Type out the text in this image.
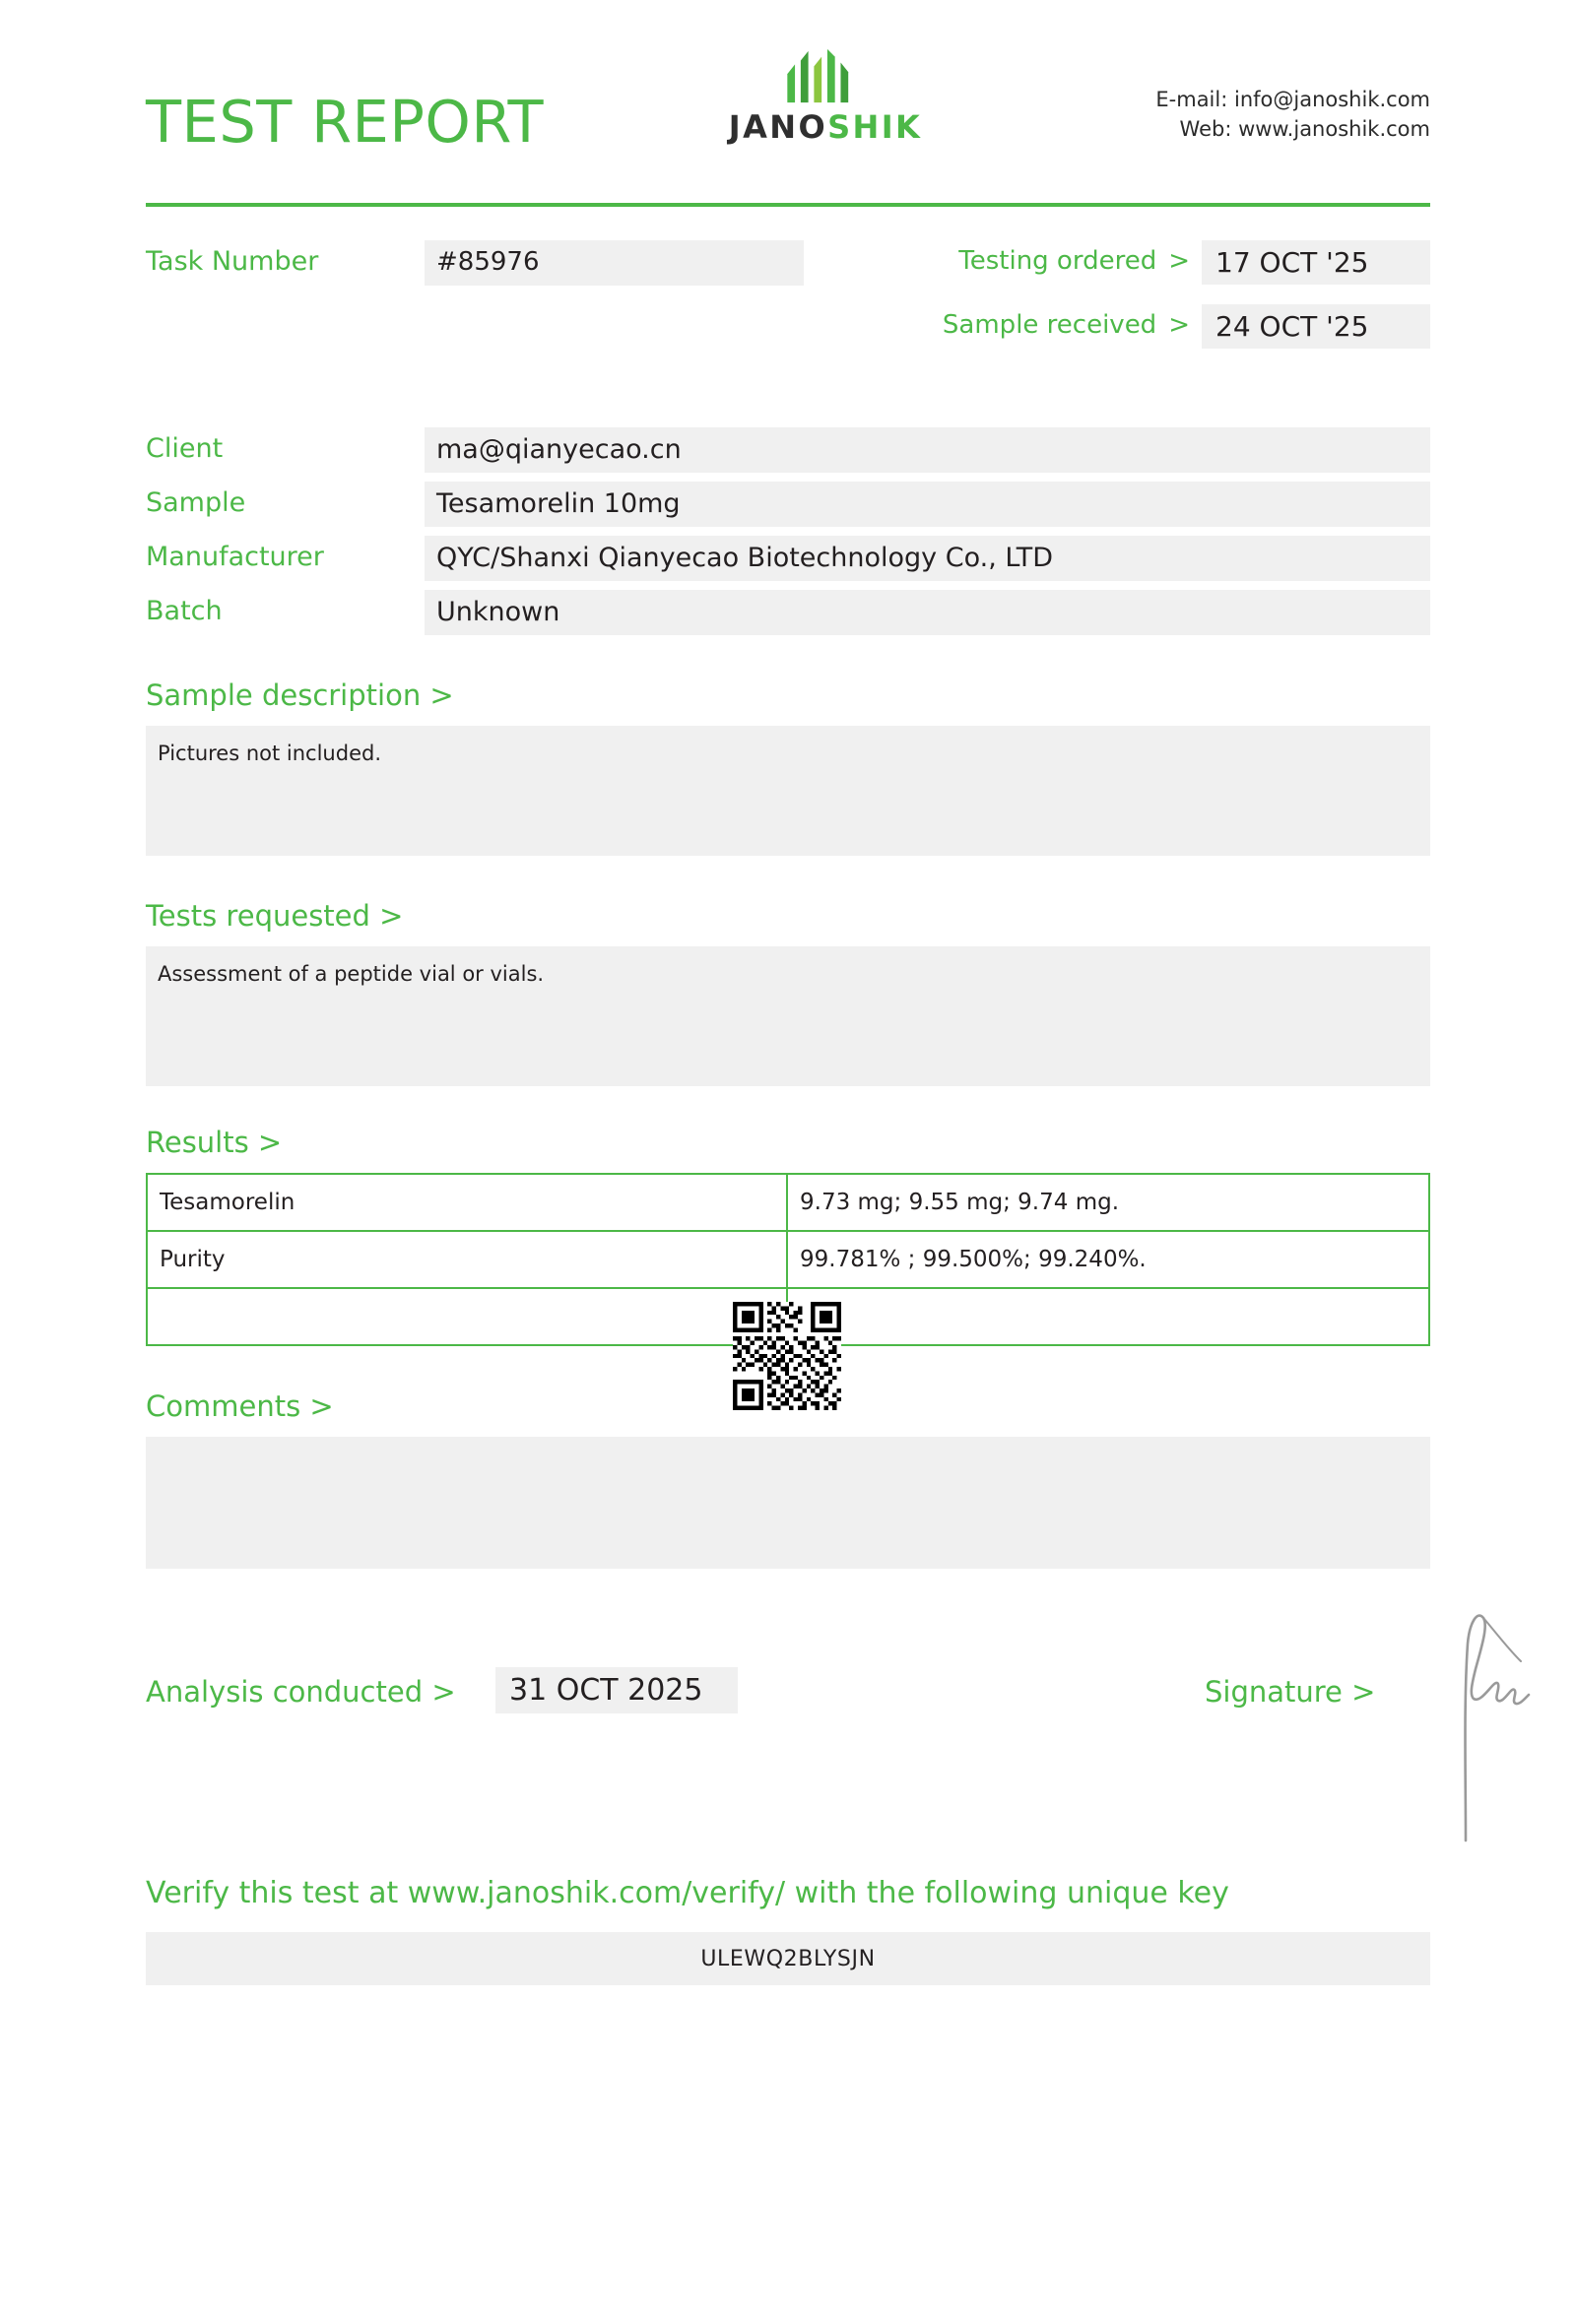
TEST REPORT	JANOSHIK
E-mail: info@janoshik.com
Web: www.janoshik.com
Task Number	#85976	Testing ordered > 17 OCT '25
Sample received > 24 OCT '25
Client	ma@qianyecao.cn
Sample	Tesamorelin 10mg
Manufacturer	QYC/Shanxi Qianyecao Biotechnology Co., LTD
Batch	Unknown
Sample description >
Pictures not included.
Tests requested >
Assessment of a peptide vial or vials.
Results >
Tesamorelin	9.73 mg; 9.55 mg; 9.74 mg.
Purity	99.781% ; 99.500%; 99.240%.

Comments >
Analysis conducted >	31 OCT 2025	Signature >
Verify this test at www.janoshik.com/verify/ with the following unique key
ULEWQ2BLYSJN
